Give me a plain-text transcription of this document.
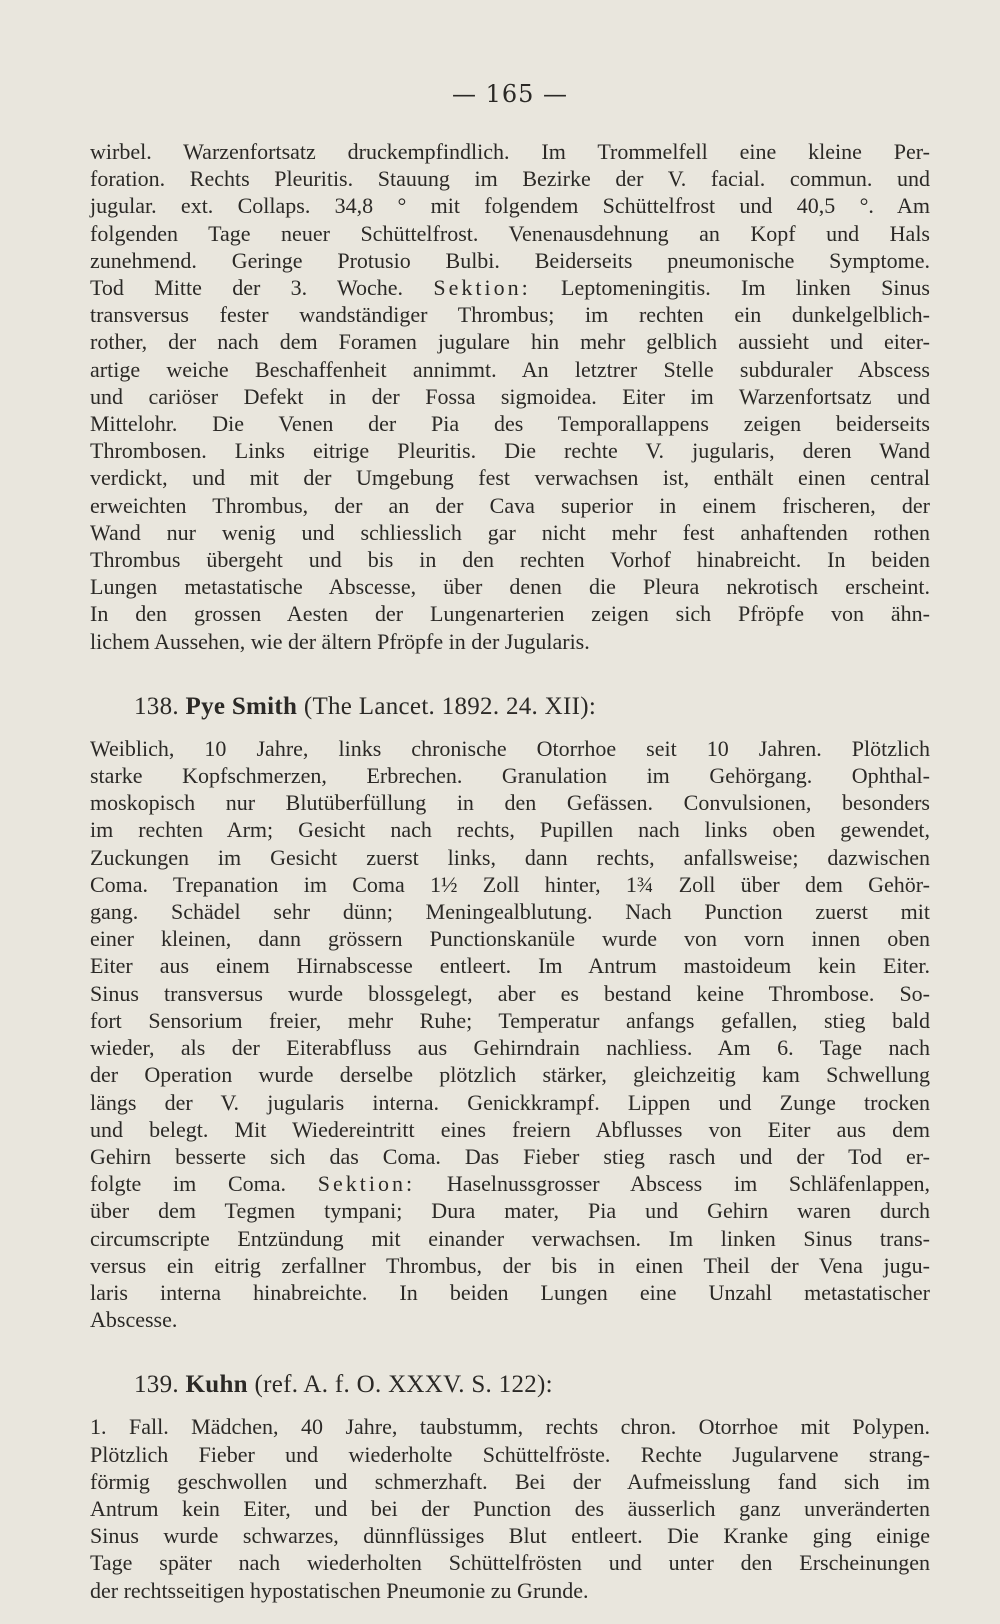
— 165 —
wirbel. Warzenfortsatz druckempfindlich. Im Trommelfell eine kleine Per-
foration. Rechts Pleuritis. Stauung im Bezirke der V. facial. commun. und
jugular. ext. Collaps. 34,8 ° mit folgendem Schüttelfrost und 40,5 °. Am
folgenden Tage neuer Schüttelfrost. Venenausdehnung an Kopf und Hals
zunehmend. Geringe Protusio Bulbi. Beiderseits pneumonische Symptome.
Tod Mitte der 3. Woche. Sektion: Leptomeningitis. Im linken Sinus
transversus fester wandständiger Thrombus; im rechten ein dunkelgelblich-
rother, der nach dem Foramen jugulare hin mehr gelblich aussieht und eiter-
artige weiche Beschaffenheit annimmt. An letztrer Stelle subduraler Abscess
und cariöser Defekt in der Fossa sigmoidea. Eiter im Warzenfortsatz und
Mittelohr. Die Venen der Pia des Temporallappens zeigen beiderseits
Thrombosen. Links eitrige Pleuritis. Die rechte V. jugularis, deren Wand
verdickt, und mit der Umgebung fest verwachsen ist, enthält einen central
erweichten Thrombus, der an der Cava superior in einem frischeren, der
Wand nur wenig und schliesslich gar nicht mehr fest anhaftenden rothen
Thrombus übergeht und bis in den rechten Vorhof hinabreicht. In beiden
Lungen metastatische Abscesse, über denen die Pleura nekrotisch erscheint.
In den grossen Aesten der Lungenarterien zeigen sich Pfröpfe von ähn-
lichem Aussehen, wie der ältern Pfröpfe in der Jugularis.
138. Pye Smith (The Lancet. 1892. 24. XII):
Weiblich, 10 Jahre, links chronische Otorrhoe seit 10 Jahren. Plötzlich
starke Kopfschmerzen, Erbrechen. Granulation im Gehörgang. Ophthal-
moskopisch nur Blutüberfüllung in den Gefässen. Convulsionen, besonders
im rechten Arm; Gesicht nach rechts, Pupillen nach links oben gewendet,
Zuckungen im Gesicht zuerst links, dann rechts, anfallsweise; dazwischen
Coma. Trepanation im Coma 1½ Zoll hinter, 1¾ Zoll über dem Gehör-
gang. Schädel sehr dünn; Meningealblutung. Nach Punction zuerst mit
einer kleinen, dann grössern Punctionskanüle wurde von vorn innen oben
Eiter aus einem Hirnabscesse entleert. Im Antrum mastoideum kein Eiter.
Sinus transversus wurde blossgelegt, aber es bestand keine Thrombose. So-
fort Sensorium freier, mehr Ruhe; Temperatur anfangs gefallen, stieg bald
wieder, als der Eiterabfluss aus Gehirndrain nachliess. Am 6. Tage nach
der Operation wurde derselbe plötzlich stärker, gleichzeitig kam Schwellung
längs der V. jugularis interna. Genickkrampf. Lippen und Zunge trocken
und belegt. Mit Wiedereintritt eines freiern Abflusses von Eiter aus dem
Gehirn besserte sich das Coma. Das Fieber stieg rasch und der Tod er-
folgte im Coma. Sektion: Haselnussgrosser Abscess im Schläfenlappen,
über dem Tegmen tympani; Dura mater, Pia und Gehirn waren durch
circumscripte Entzündung mit einander verwachsen. Im linken Sinus trans-
versus ein eitrig zerfallner Thrombus, der bis in einen Theil der Vena jugu-
laris interna hinabreichte. In beiden Lungen eine Unzahl metastatischer
Abscesse.
139. Kuhn (ref. A. f. O. XXXV. S. 122):
1. Fall. Mädchen, 40 Jahre, taubstumm, rechts chron. Otorrhoe mit Polypen.
Plötzlich Fieber und wiederholte Schüttelfröste. Rechte Jugularvene strang-
förmig geschwollen und schmerzhaft. Bei der Aufmeisslung fand sich im
Antrum kein Eiter, und bei der Punction des äusserlich ganz unveränderten
Sinus wurde schwarzes, dünnflüssiges Blut entleert. Die Kranke ging einige
Tage später nach wiederholten Schüttelfrösten und unter den Erscheinungen
der rechtsseitigen hypostatischen Pneumonie zu Grunde.
